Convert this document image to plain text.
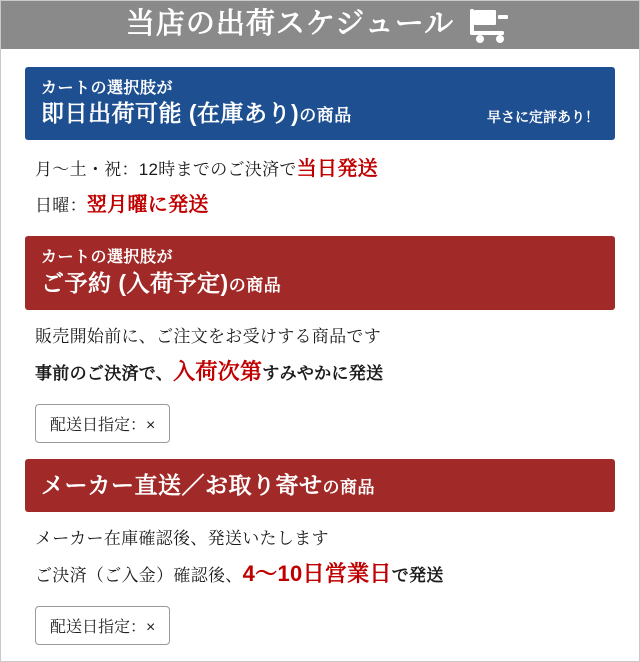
当店の出荷スケジュール
カートの選択肢が
即日出荷可能 (在庫あり)の商品	早さに定評あり！

月～土・祝：12時までのご決済で当日発送

日曜：翌月曜に発送

カートの選択肢が
ご予約 (入荷予定)の商品

販売開始前に、ご注文をお受けする商品です

事前のご決済で、入荷次第すみやかに発送

配送日指定：×
メーカー直送／お取り寄せの商品

メーカー在庫確認後、発送いたします

ご決済（ご入金）確認後、4～10日営業日で発送

配送日指定：×
